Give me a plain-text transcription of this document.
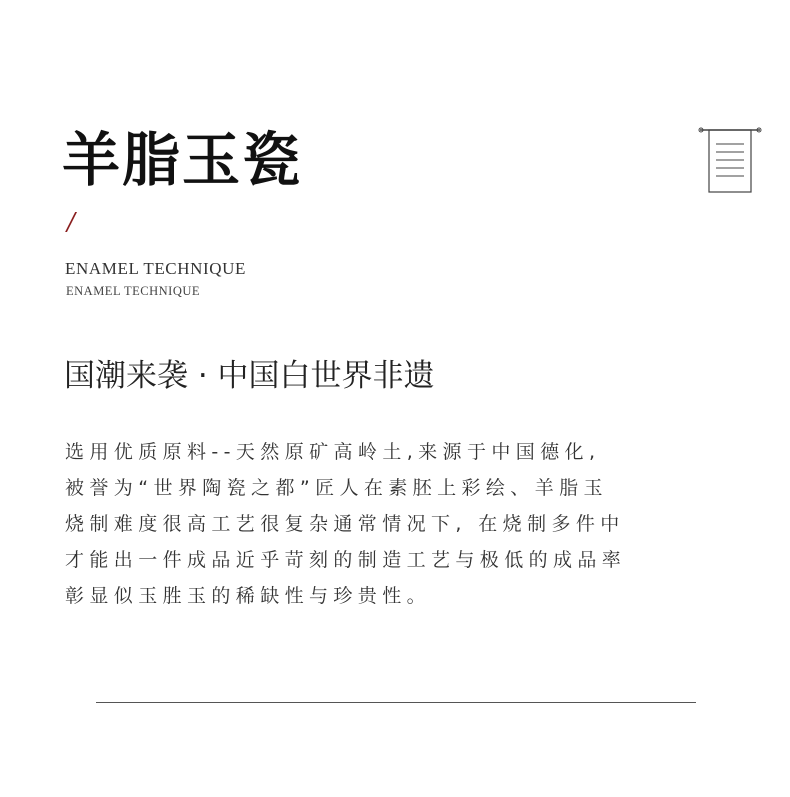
羊脂玉瓷
/
ENAMEL TECHNIQUE
ENAMEL TECHNIQUE
国潮来袭 · 中国白世界非遗
选用优质原料--天然原矿高岭土,来源于中国德化,
被誉为“世界陶瓷之都”匠人在素胚上彩绘、羊脂玉
烧制难度很高工艺很复杂通常情况下, 在烧制多件中
才能出一件成品近乎苛刻的制造工艺与极低的成品率
彰显似玉胜玉的稀缺性与珍贵性。
